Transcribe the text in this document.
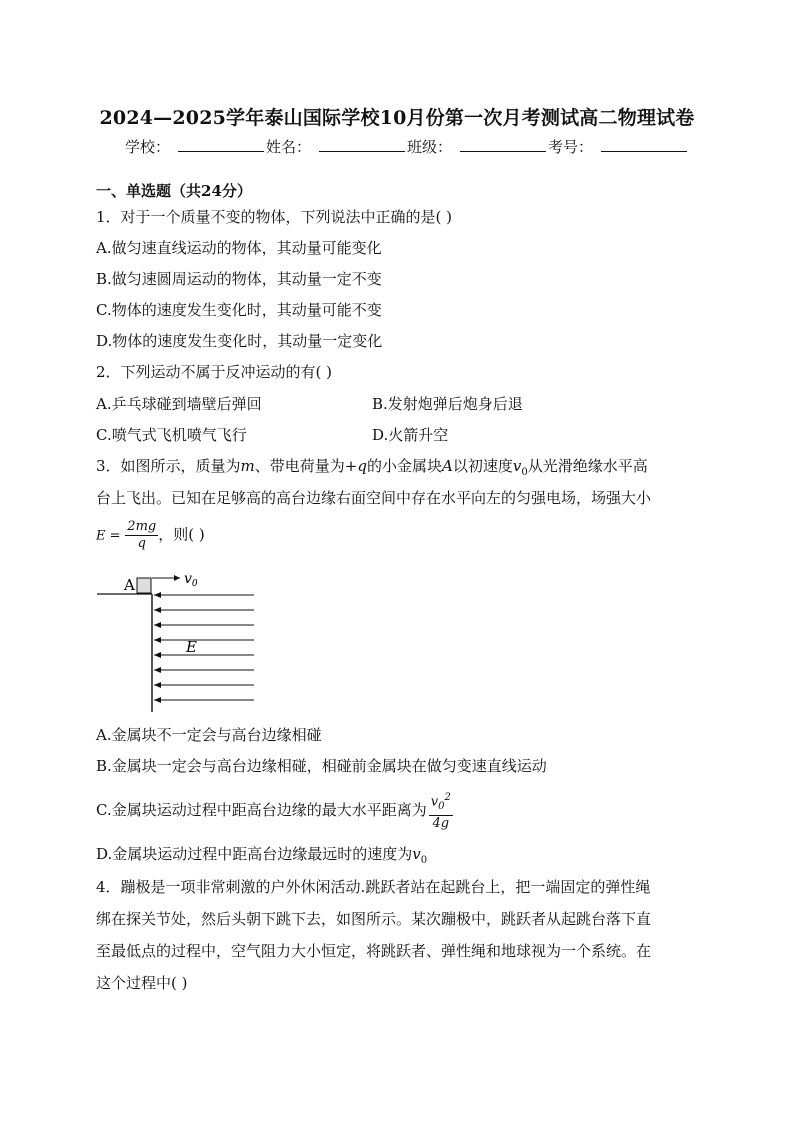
2024—2025学年泰山国际学校10月份第一次月考测试高二物理试卷
学校：	姓名：	班级：	考号：
一、单选题（共24分）
1．对于一个质量不变的物体，下列说法中正确的是( )
A.做匀速直线运动的物体，其动量可能变化
B.做匀速圆周运动的物体，其动量一定不变
C.物体的速度发生变化时，其动量可能不变
D.物体的速度发生变化时，其动量一定变化
2．下列运动不属于反冲运动的有( )
A.乒乓球碰到墙壁后弹回	B.发射炮弹后炮身后退
C.喷气式飞机喷气飞行	D.火箭升空
3．如图所示，质量为m、带电荷量为+q的小金属块A以初速度$v_0$从光滑绝缘水平高
台上飞出。已知在足够高的高台边缘右面空间中存在水平向左的匀强电场，场强大小
$E = \frac{2mg}{q}$ ，则( )
A	$v_0$
E
A.金属块不一定会与高台边缘相碰
B.金属块一定会与高台边缘相碰，相碰前金属块在做匀变速直线运动
C.金属块运动过程中距高台边缘的最大水平距离为 $\frac{v_0^2}{4g}$
D.金属块运动过程中距高台边缘最远时的速度为$v_0$
4．蹦极是一项非常刺激的户外休闲活动.跳跃者站在起跳台上，把一端固定的弹性绳
绑在探关节处，然后头朝下跳下去，如图所示。某次蹦极中，跳跃者从起跳台落下直
至最低点的过程中，空气阻力大小恒定，将跳跃者、弹性绳和地球视为一个系统。在
这个过程中( )
